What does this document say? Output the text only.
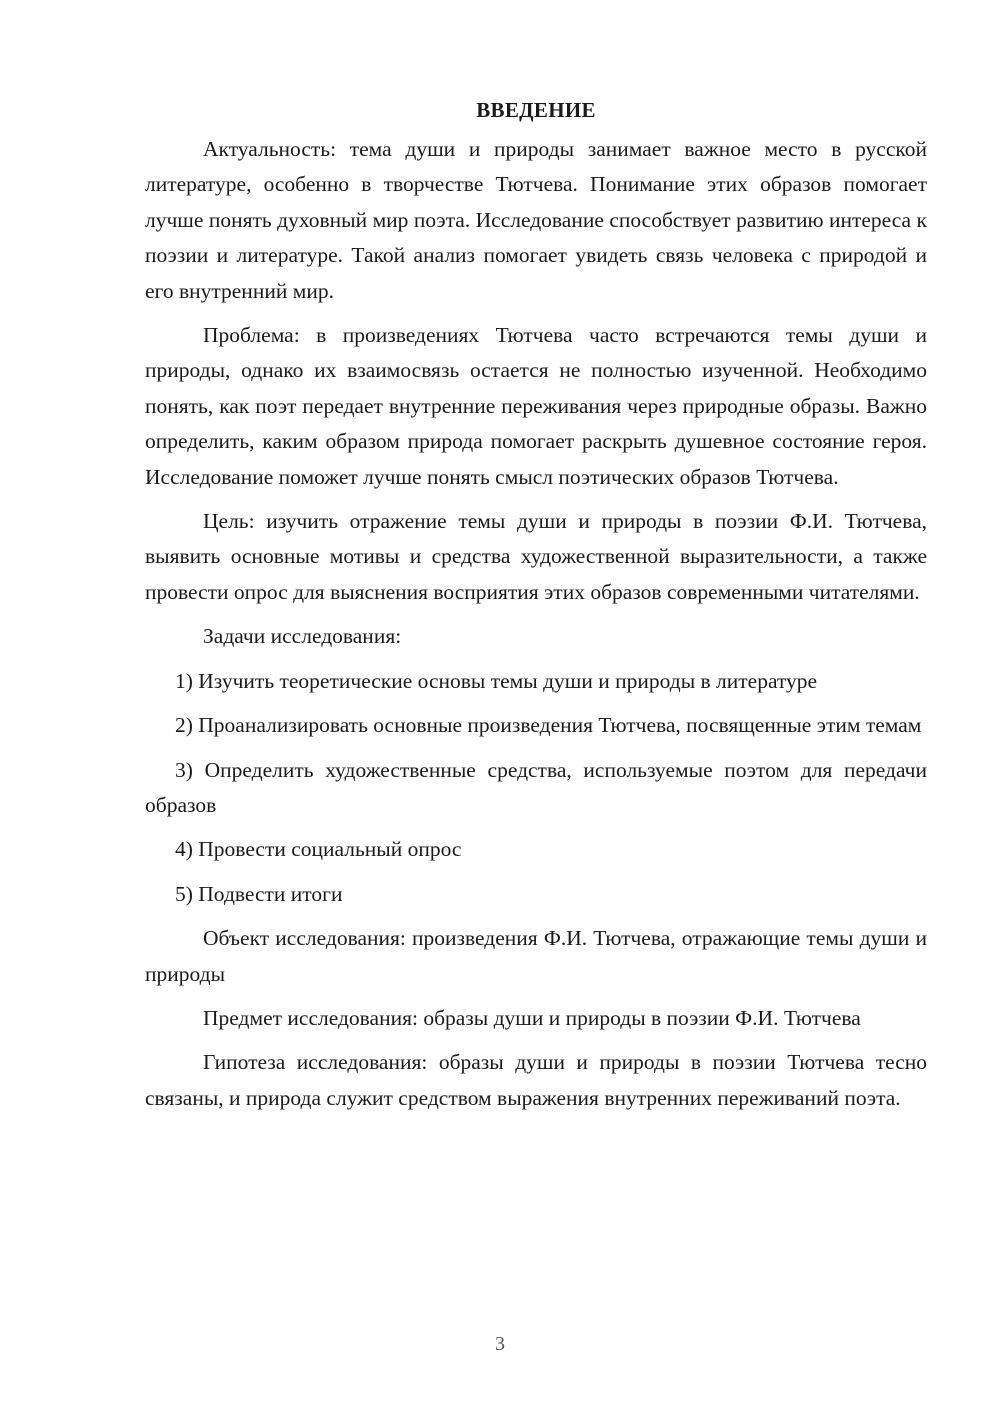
ВВЕДЕНИЕ

Актуальность: тема души и природы занимает важное место в русской литературе, особенно в творчестве Тютчева. Понимание этих образов помогает лучше понять духовный мир поэта. Исследование способствует развитию интереса к поэзии и литературе. Такой анализ помогает увидеть связь человека с природой и его внутренний мир.

Проблема: в произведениях Тютчева часто встречаются темы души и природы, однако их взаимосвязь остается не полностью изученной. Необходимо понять, как поэт передает внутренние переживания через природные образы. Важно определить, каким образом природа помогает раскрыть душевное состояние героя. Исследование поможет лучше понять смысл поэтических образов Тютчева.

Цель: изучить отражение темы души и природы в поэзии Ф.И. Тютчева, выявить основные мотивы и средства художественной выразительности, а также провести опрос для выяснения восприятия этих образов современными читателями.

Задачи исследования:

1) Изучить теоретические основы темы души и природы в литературе

2) Проанализировать основные произведения Тютчева, посвященные этим темам

3) Определить художественные средства, используемые поэтом для передачи образов

4) Провести социальный опрос

5) Подвести итоги

Объект исследования: произведения Ф.И. Тютчева, отражающие темы души и природы

Предмет исследования: образы души и природы в поэзии Ф.И. Тютчева

Гипотеза исследования: образы души и природы в поэзии Тютчева тесно связаны, и природа служит средством выражения внутренних переживаний поэта.

3
